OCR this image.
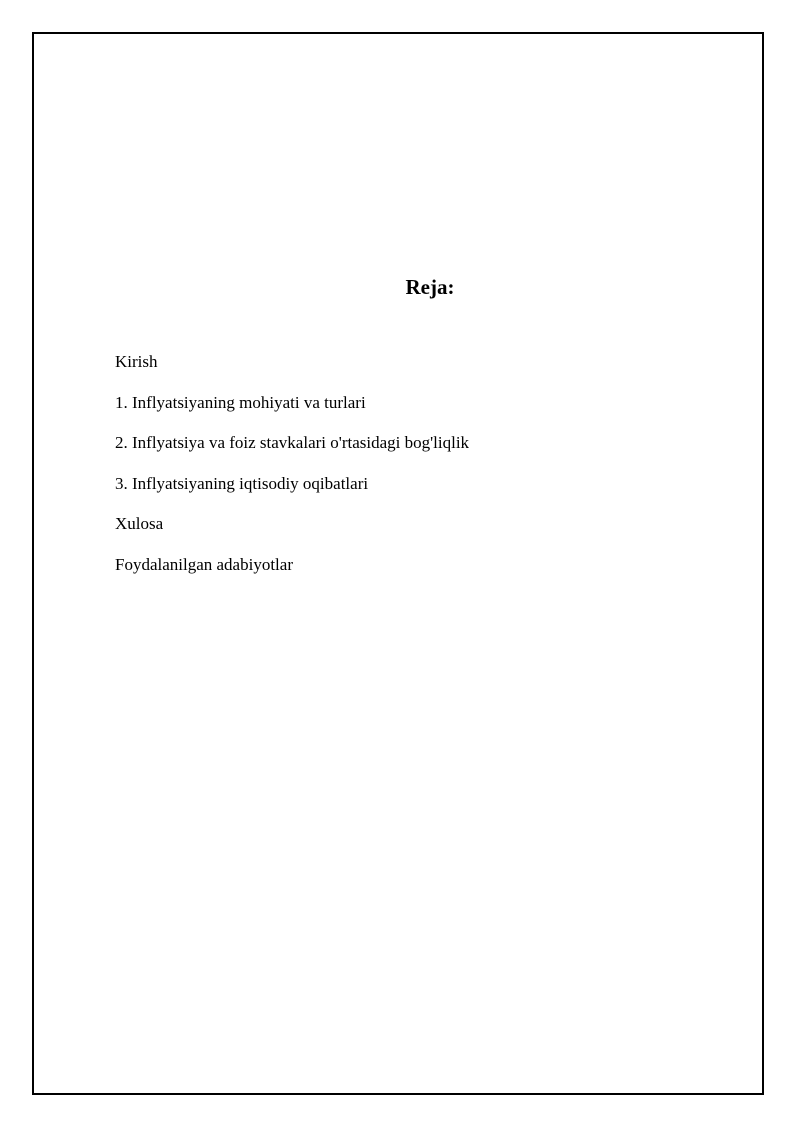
Reja:
Kirish
1. Inflyatsiyaning mohiyati va turlari
2. Inflyatsiya va foiz stavkalari o'rtasidagi bog'liqlik
3. Inflyatsiyaning iqtisodiy oqibatlari
Xulosa
Foydalanilgan adabiyotlar
